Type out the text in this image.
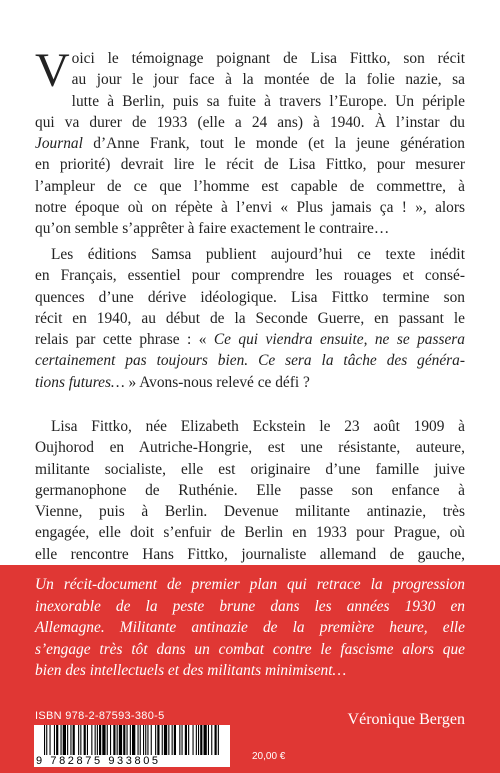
V oici le témoignage poignant de Lisa Fittko, son récit
au jour le jour face à la montée de la folie nazie, sa
lutte à Berlin, puis sa fuite à travers l’Europe. Un périple
qui va durer de 1933 (elle a 24 ans) à 1940. À l’instar du
Journal d’Anne Frank, tout le monde (et la jeune génération
en priorité) devrait lire le récit de Lisa Fittko, pour mesurer
l’ampleur de ce que l’homme est capable de commettre, à
notre époque où on répète à l’envi « Plus jamais ça ! », alors
qu’on semble s’apprêter à faire exactement le contraire…
Les éditions Samsa publient aujourd’hui ce texte inédit
en Français, essentiel pour comprendre les rouages et consé-
quences d’une dérive idéologique. Lisa Fittko termine son
récit en 1940, au début de la Seconde Guerre, en passant le
relais par cette phrase : « Ce qui viendra ensuite, ne se passera
certainement pas toujours bien. Ce sera la tâche des généra-
tions futures… » Avons-nous relevé ce défi ?
Lisa Fittko, née Elizabeth Eckstein le 23 août 1909 à
Oujhorod en Autriche-Hongrie, est une résistante, auteure,
militante socialiste, elle est originaire d’une famille juive
germanophone de Ruthénie. Elle passe son enfance à
Vienne, puis à Berlin. Devenue militante antinazie, très
engagée, elle doit s’enfuir de Berlin en 1933 pour Prague, où
elle rencontre Hans Fittko, journaliste allemand de gauche,
Un récit-document de premier plan qui retrace la progression
inexorable de la peste brune dans les années 1930 en
Allemagne. Militante antinazie de la première heure, elle
s’engage très tôt dans un combat contre le fascisme alors que
bien des intellectuels et des militants minimisent…
ISBN 978-2-87593-380-5	Véronique Bergen
9 782875 933805	20,00 €
